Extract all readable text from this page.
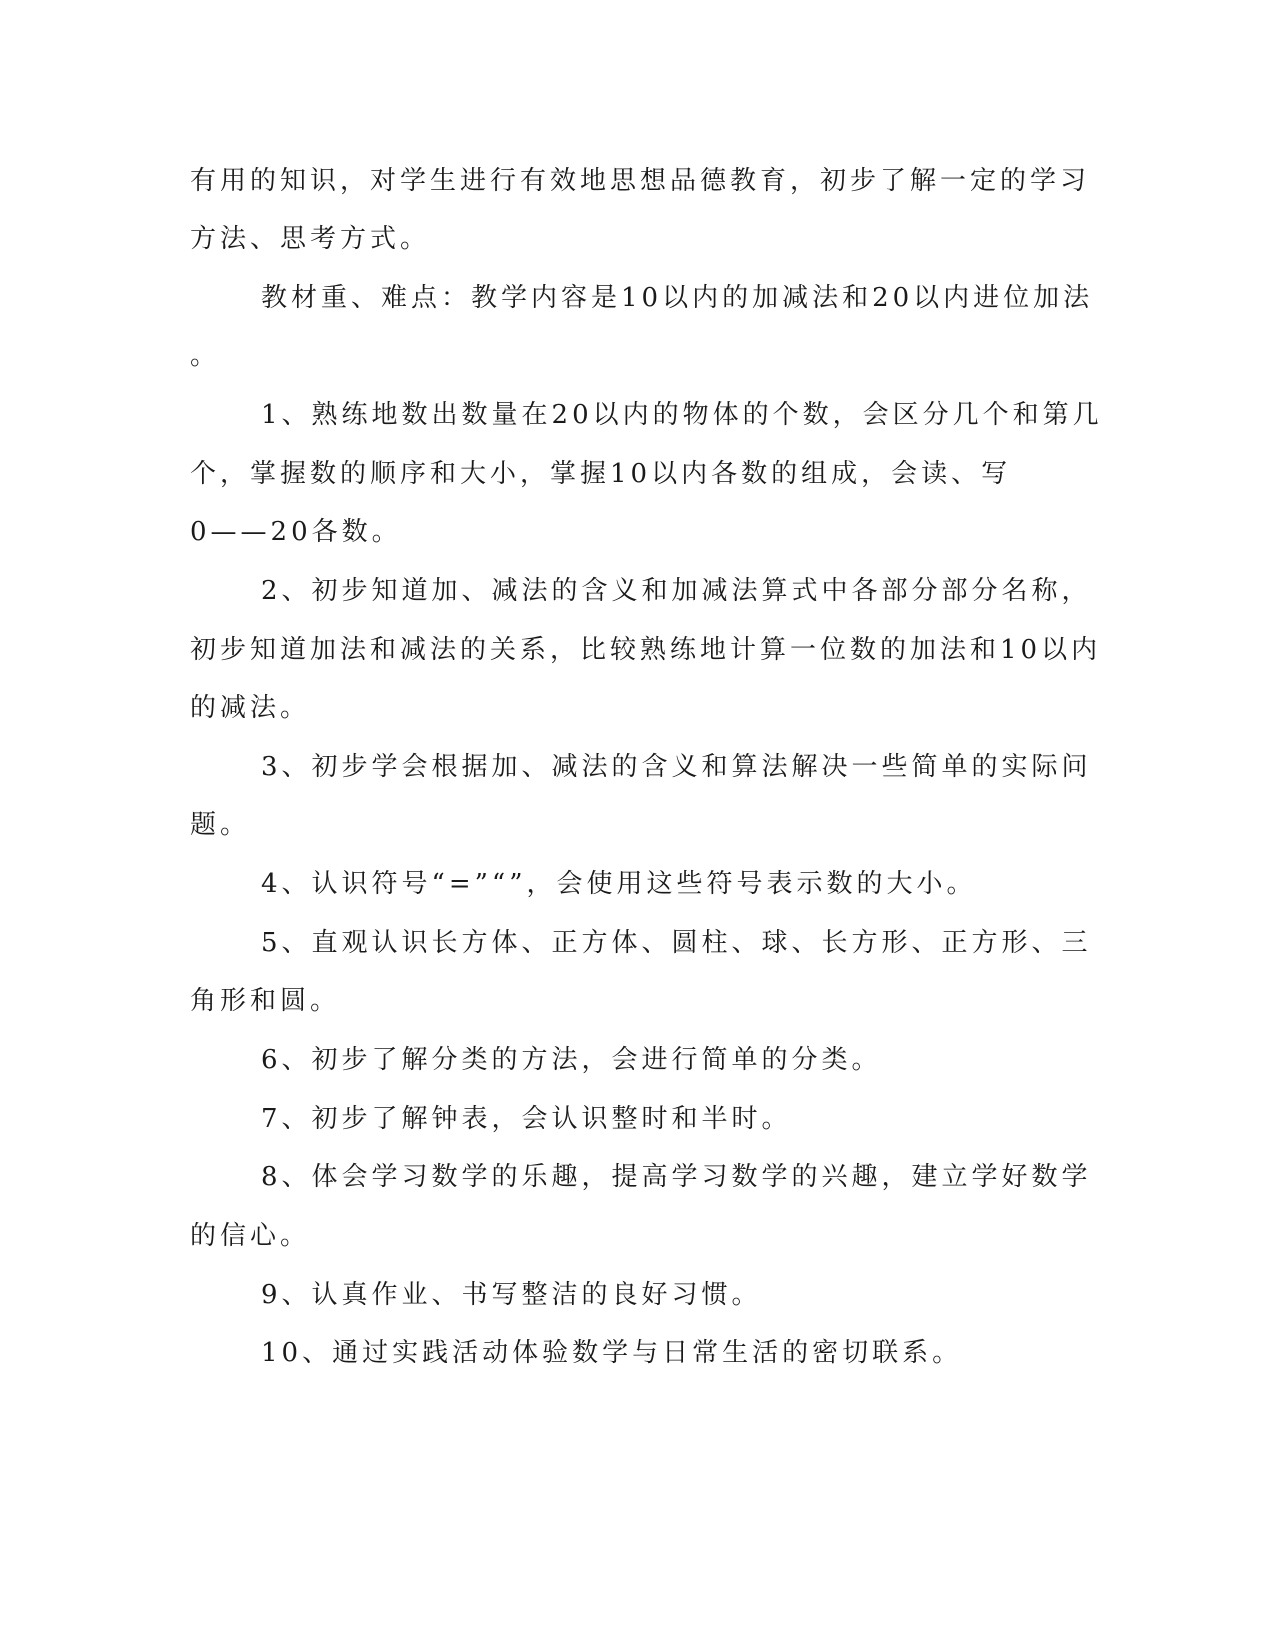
有用的知识，对学生进行有效地思想品德教育，初步了解一定的学习
方法、思考方式。
教材重、难点：教学内容是10以内的加减法和20以内进位加法
。
1、熟练地数出数量在20以内的物体的个数，会区分几个和第几
个，掌握数的顺序和大小，掌握10以内各数的组成，会读、写
0——20各数。
2、初步知道加、减法的含义和加减法算式中各部分部分名称，
初步知道加法和减法的关系，比较熟练地计算一位数的加法和10以内
的减法。
3、初步学会根据加、减法的含义和算法解决一些简单的实际问
题。
4、认识符号“=”“”，会使用这些符号表示数的大小。
5、直观认识长方体、正方体、圆柱、球、长方形、正方形、三
角形和圆。
6、初步了解分类的方法，会进行简单的分类。
7、初步了解钟表，会认识整时和半时。
8、体会学习数学的乐趣，提高学习数学的兴趣，建立学好数学
的信心。
9、认真作业、书写整洁的良好习惯。
10、通过实践活动体验数学与日常生活的密切联系。
